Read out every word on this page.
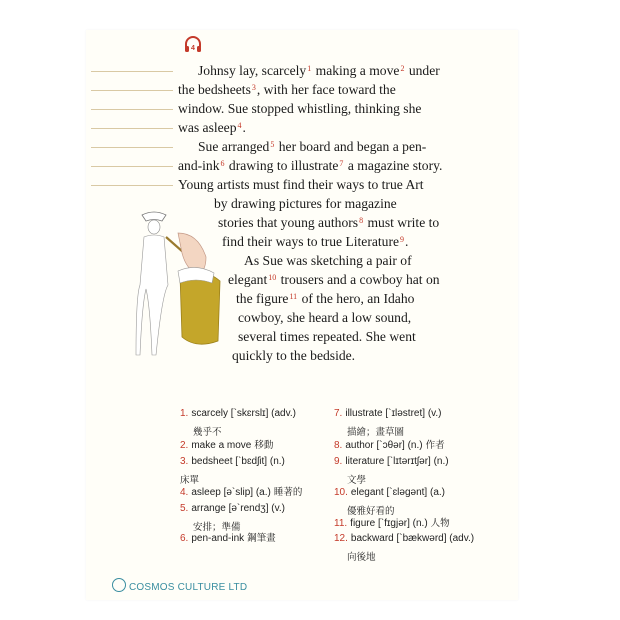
4
Johnsy lay, scarcely$^1$ making a move$^2$ under
the bedsheets$^3$, with her face toward the
window. Sue stopped whistling, thinking she
was asleep$^4$.
Sue arranged$^5$ her board and began a pen-
and-ink$^6$ drawing to illustrate$^7$ a magazine story.
Young artists must find their ways to true Art
by drawing pictures for magazine
stories that young authors$^8$ must write to
find their ways to true Literature$^9$.
As Sue was sketching a pair of
elegant$^{10}$ trousers and a cowboy hat on
the figure$^{11}$ of the hero, an Idaho
cowboy, she heard a low sound,
several times repeated. She went
quickly to the bedside.
幾乎不
1. scarcely [`skɛrslɪ] (adv.)
2. make a move 移動
床單
3. bedsheet [`bɛdʃit] (n.)
4. asleep [ə`slip] (a.) 睡著的
安排；準備
5. arrange [ə`rendʒ] (v.)
6. pen-and-ink 鋼筆畫
描繪；畫草圖
7. illustrate [`ɪləstret] (v.)
8. author [`ɔθər] (n.) 作者
文學
9. literature [`lɪtərɪtʃər] (n.)
優雅好看的
10. elegant [`ɛləgənt] (a.)
11. figure [`fɪgjər] (n.) 人物
向後地
12. backward [`bækwərd] (adv.)
COSMOS CULTURE LTD
